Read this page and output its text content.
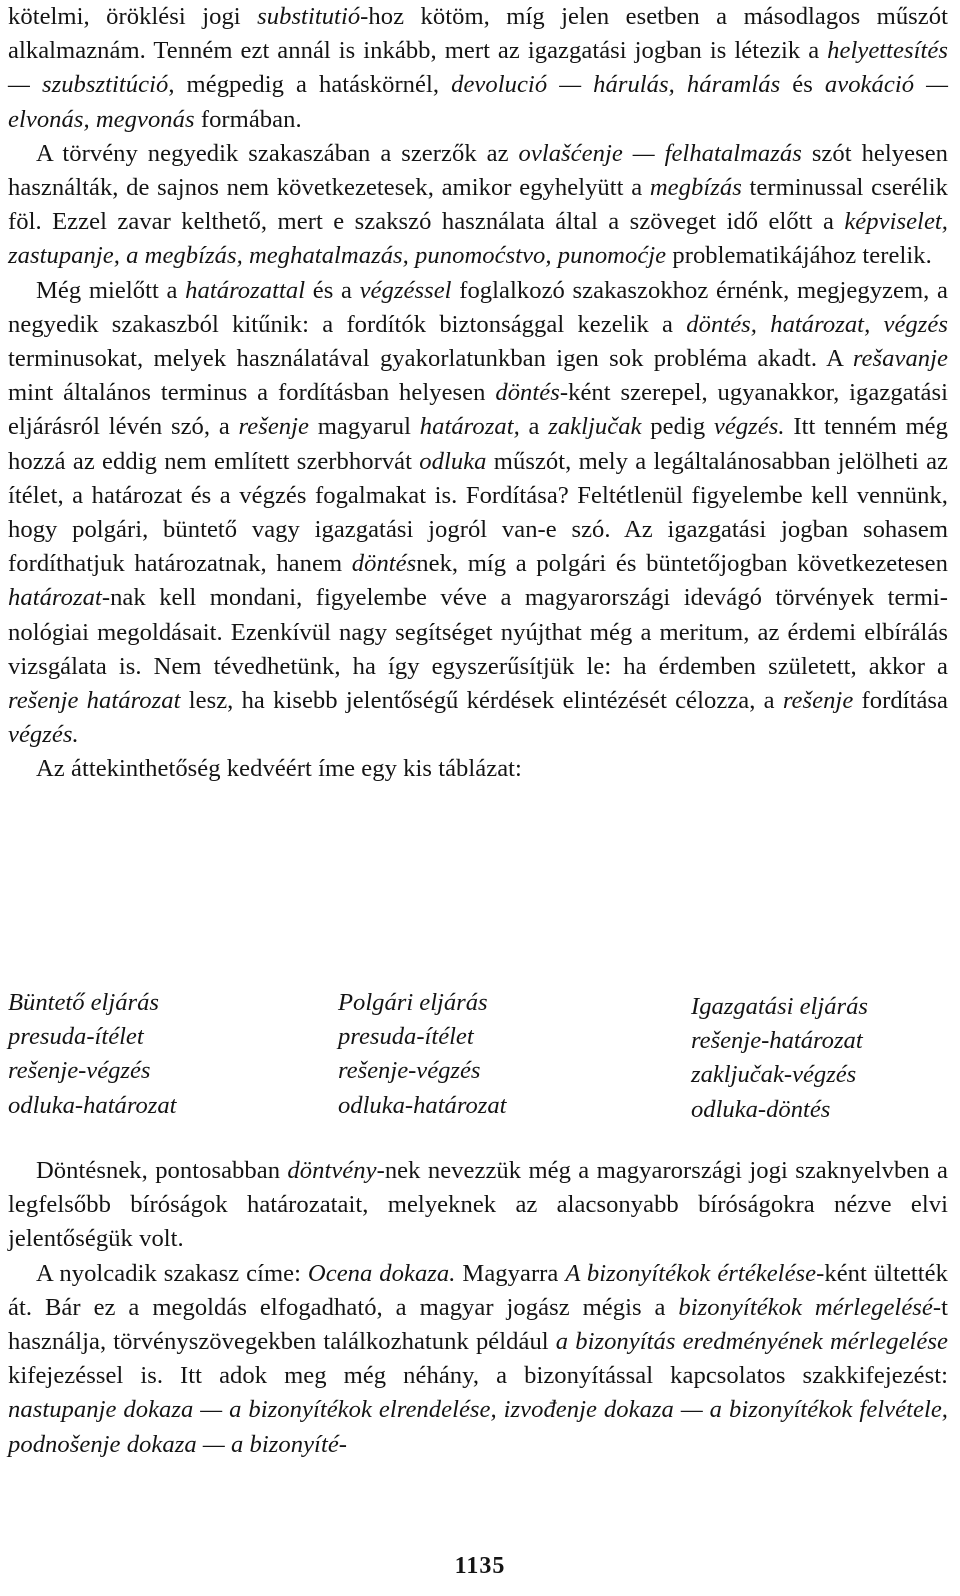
kötelmi, öröklési jogi substitutió-hoz kötöm, míg jelen esetben a másodlagos műszót alkalmaznám. Tenném ezt annál is inkább, mert az igazgatási jogban is létezik a helyettesítés — szubsztitúció, mégpedig a hatáskörnél, devolució — hárulás, háramlás és avokáció — elvonás, megvonás formában.

A törvény negyedik szakaszában a szerzők az ovlašćenje — felhatalmazás szót helyesen használták, de sajnos nem következetesek, amikor egyhelyütt a megbízás terminussal cserélik föl. Ezzel zavar kelthető, mert e szakszó használata által a szöveget idő előtt a képviselet, zastupanje, a megbízás, meghatalmazás, punomoćstvo, punomoćje problematikájához terelik.

Még mielőtt a határozattal és a végzéssel foglalkozó szakaszokhoz érnénk, megjegyzem, a negyedik szakaszból kitűnik: a fordítók biztonsággal kezelik a döntés, határozat, végzés terminusokat, melyek használatával gyakorlatunkban igen sok probléma akadt. A rešavanje mint általános terminus a fordításban helyesen döntés-ként szerepel, ugyanakkor, igazgatási eljárásról lévén szó, a rešenje magyarul határozat, a zaključak pedig végzés. Itt tenném még hozzá az eddig nem említett szerbhorvát odluka műszót, mely a legáltalánosabban jelölheti az ítélet, a határozat és a végzés fogalmakat is. Fordítása? Feltétlenül figyelembe kell vennünk, hogy polgári, büntető vagy igazgatási jogról van-e szó. Az igazgatási jogban sohasem fordíthatjuk határozatnak, hanem döntésnek, míg a polgári és büntetőjogban következetesen határozat-nak kell mondani, figyelembe véve a magyarországi idevágó törvények terminológiai megoldásait. Ezenkívül nagy segítséget nyújthat még a meritum, az érdemi elbírálás vizsgálata is. Nem tévedhetünk, ha így egyszerűsítjük le: ha érdemben született, akkor a rešenje határozat lesz, ha kisebb jelentőségű kérdések elintézését célozza, a rešenje fordítása végzés.

Az áttekinthetőség kedvéért íme egy kis táblázat:

Büntető eljárás
presuda-ítélet
rešenje-végzés
odluka-határozat
Polgári eljárás
presuda-ítélet
rešenje-végzés
odluka-határozat
Igazgatási eljárás
rešenje-határozat
zaključak-végzés
odluka-döntés

Döntésnek, pontosabban döntvény-nek nevezzük még a magyarországi jogi szaknyelvben a legfelsőbb bíróságok határozatait, melyeknek az alacsonyabb bíróságokra nézve elvi jelentőségük volt.

A nyolcadik szakasz címe: Ocena dokaza. Magyarra A bizonyítékok értékelése-ként ültették át. Bár ez a megoldás elfogadható, a magyar jogász mégis a bizonyítékok mérlegelésé-t használja, törvényszövegekben találkozhatunk például a bizonyítás eredményének mérlegelése kifejezéssel is. Itt adok meg még néhány, a bizonyítással kapcsolatos szakkifejezést: nastupanje dokaza — a bizonyítékok elrendelése, izvođenje dokaza — a bizonyítékok felvétele, podnošenje dokaza — a bizonyíté-

1135
